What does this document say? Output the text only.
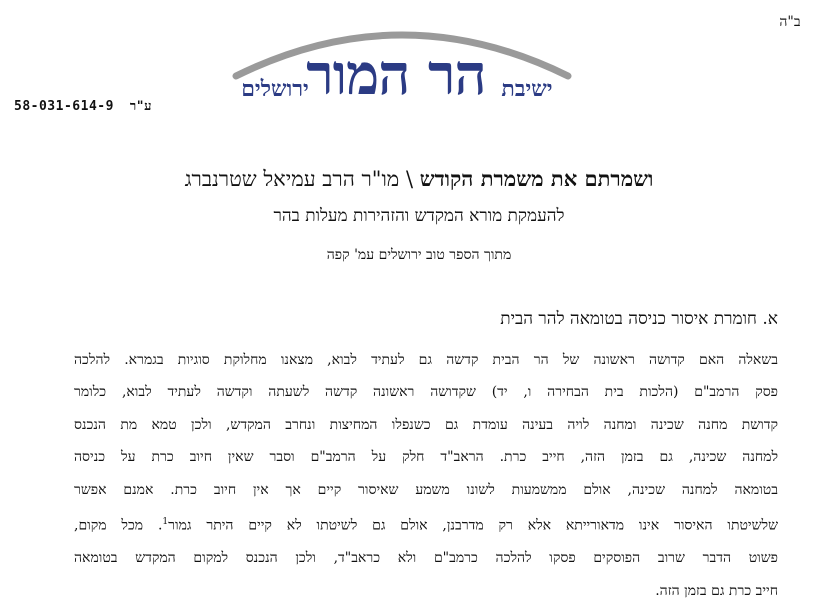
ב"ה
58-031-614-9 ע"ר	הר המור
ירושלים	ישיבת
ושמרתם את משמרת הקודש \ מו"ר הרב עמיאל שטרנברג
להעמקת מורא המקדש והזהירות מעלות בהר
מתוך הספר טוב ירושלים עמ' קפה
א. חומרת איסור כניסה בטומאה להר הבית
בשאלה האם קדושה ראשונה של הר הבית קדשה גם לעתיד לבוא, מצאנו מחלוקת סוגיות בגמרא. להלכה
פסק הרמב"ם (הלכות בית הבחירה ו, יד) שקדושה ראשונה קדשה לשעתה וקדשה לעתיד לבוא, כלומר
קדושת מחנה שכינה ומחנה לויה בעינה עומדת גם כשנפלו המחיצות ונחרב המקדש, ולכן טמא מת הנכנס
למחנה שכינה, גם בזמן הזה, חייב כרת. הראב"ד חלק על הרמב"ם וסבר שאין חיוב כרת על כניסה
בטומאה למחנה שכינה, אולם ממשמעות לשונו משמע שאיסור קיים אך אין חיוב כרת. אמנם אפשר
שלשיטתו האיסור אינו מדאורייתא אלא רק מדרבנן, אולם גם לשיטתו לא קיים היתר גמור$^1$. מכל מקום,
פשוט הדבר שרוב הפוסקים פסקו להלכה כרמב"ם ולא כראב"ד, ולכן הנכנס למקום המקדש בטומאה
חייב כרת גם בזמן הזה.
